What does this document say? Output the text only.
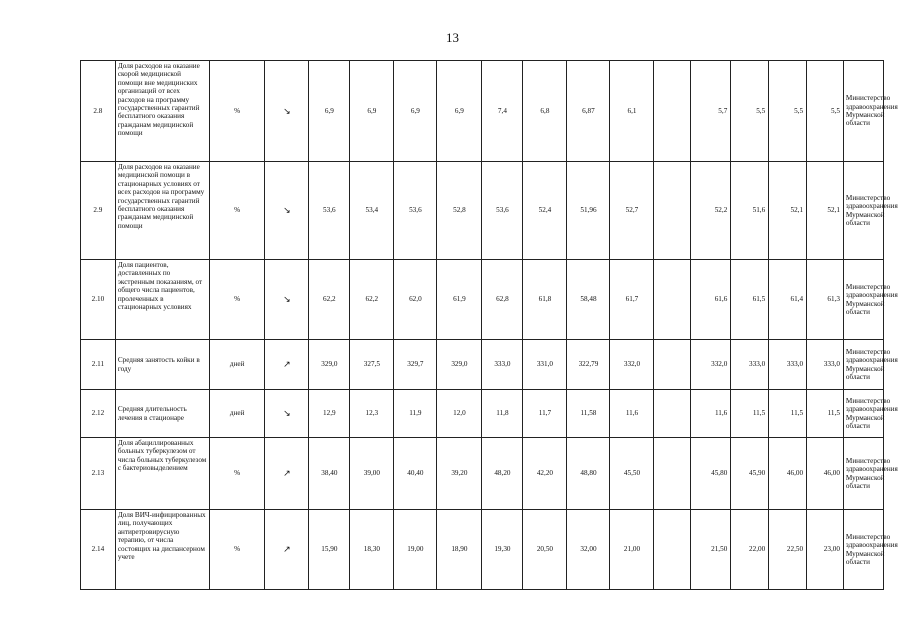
13
2.8	Доля расходов на оказание скорой медицинской помощи вне медицинских организаций от всех расходов на программу государственных гарантий бесплатного оказания гражданам медицинской помощи	%	↘	6,9	6,9	6,9	6,9	7,4	6,8	6,87	6,1		5,7	5,5	5,5	5,5	Министерство здравоохранения Мурманской области
2.9	Доля расходов на оказание медицинской помощи в стационарных условиях от всех расходов на программу государственных гарантий бесплатного оказания гражданам медицинской помощи	%	↘	53,6	53,4	53,6	52,8	53,6	52,4	51,96	52,7		52,2	51,6	52,1	52,1	Министерство здравоохранения Мурманской области
2.10	Доля пациентов, доставленных по экстренным показаниям, от общего числа пациентов, пролеченных в стационарных условиях	%	↘	62,2	62,2	62,0	61,9	62,8	61,8	58,48	61,7		61,6	61,5	61,4	61,3	Министерство здравоохранения Мурманской области
2.11	Средняя занятость койки в году	дней	↗	329,0	327,5	329,7	329,0	333,0	331,0	322,79	332,0		332,0	333,0	333,0	333,0	Министерство здравоохранения Мурманской области
2.12	Средняя длительность лечения в стационаре	дней	↘	12,9	12,3	11,9	12,0	11,8	11,7	11,58	11,6		11,6	11,5	11,5	11,5	Министерство здравоохранения Мурманской области
2.13	Доля абациллированных больных туберкулезом от числа больных туберкулезом с бактериовыделением	%	↗	38,40	39,00	40,40	39,20	48,20	42,20	48,80	45,50		45,80	45,90	46,00	46,00	Министерство здравоохранения Мурманской области
2.14	Доля ВИЧ-инфицированных лиц, получающих антиретровирусную терапию, от числа состоящих на диспансерном учете	%	↗	15,90	18,30	19,00	18,90	19,30	20,50	32,00	21,00		21,50	22,00	22,50	23,00	Министерство здравоохранения Мурманской области
